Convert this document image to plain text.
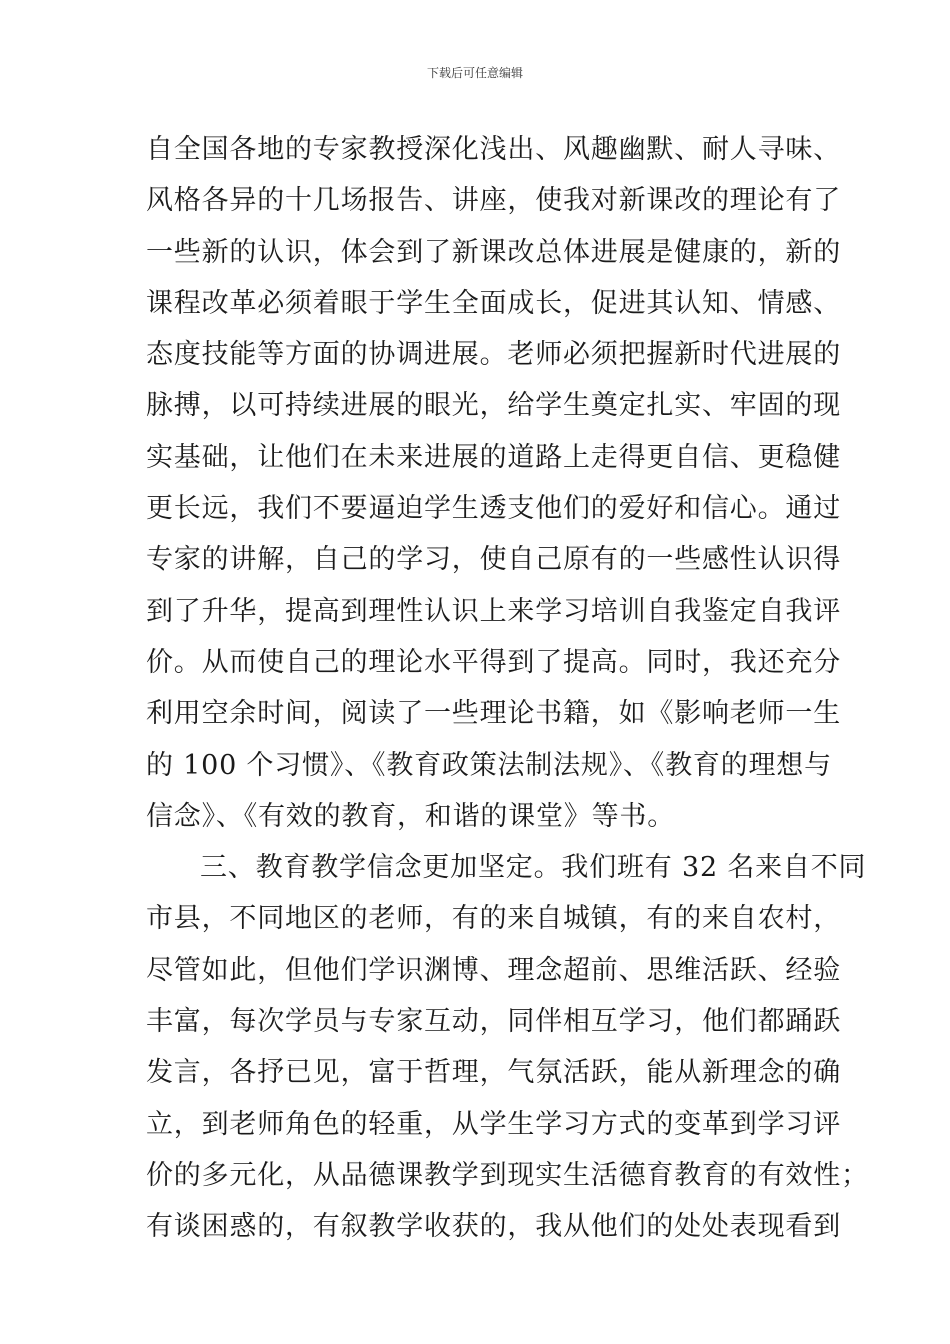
下载后可任意编辑
自全国各地的专家教授深化浅出、风趣幽默、耐人寻味、
风格各异的十几场报告、讲座，使我对新课改的理论有了
一些新的认识，体会到了新课改总体进展是健康的，新的
课程改革必须着眼于学生全面成长，促进其认知、情感、
态度技能等方面的协调进展。老师必须把握新时代进展的
脉搏，以可持续进展的眼光，给学生奠定扎实、牢固的现
实基础，让他们在未来进展的道路上走得更自信、更稳健
更长远，我们不要逼迫学生透支他们的爱好和信心。通过
专家的讲解，自己的学习，使自己原有的一些感性认识得
到了升华，提高到理性认识上来学习培训自我鉴定自我评
价。从而使自己的理论水平得到了提高。同时，我还充分
利用空余时间，阅读了一些理论书籍，如《影响老师一生
的 100 个习惯》、《教育政策法制法规》、《教育的理想与
信念》、《有效的教育，和谐的课堂》等书。
三、教育教学信念更加坚定。我们班有 32 名来自不同
市县，不同地区的老师，有的来自城镇，有的来自农村，
尽管如此，但他们学识渊博、理念超前、思维活跃、经验
丰富，每次学员与专家互动，同伴相互学习，他们都踊跃
发言，各抒已见，富于哲理，气氛活跃，能从新理念的确
立，到老师角色的轻重，从学生学习方式的变革到学习评
价的多元化，从品德课教学到现实生活德育教育的有效性；
有谈困惑的，有叙教学收获的，我从他们的处处表现看到
